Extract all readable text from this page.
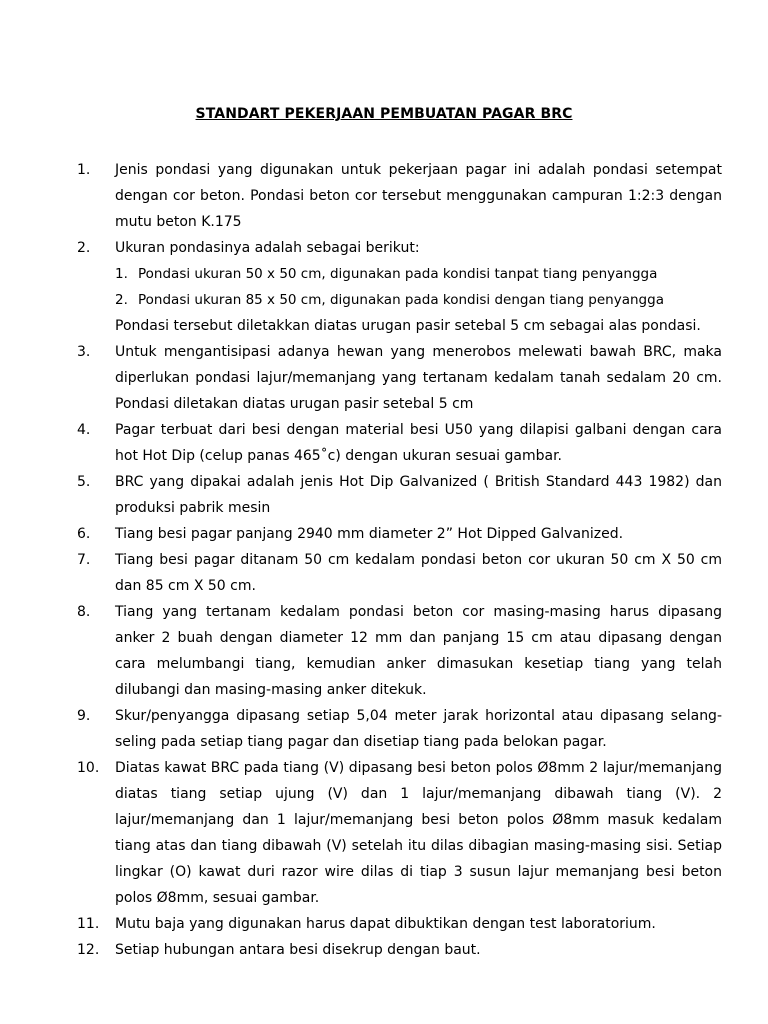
STANDART PEKERJAAN PEMBUATAN PAGAR BRC
1. Jenis pondasi yang digunakan untuk pekerjaan pagar ini adalah pondasi setempat dengan cor beton. Pondasi beton cor tersebut menggunakan campuran 1:2:3 dengan mutu beton K.175
2. Ukuran pondasinya adalah sebagai berikut:
1. Pondasi ukuran 50 x 50 cm, digunakan pada kondisi tanpat tiang penyangga
2. Pondasi ukuran 85 x 50 cm, digunakan pada kondisi dengan tiang penyangga
Pondasi tersebut diletakkan diatas urugan pasir setebal 5 cm sebagai alas pondasi.
3. Untuk mengantisipasi adanya hewan yang menerobos melewati bawah BRC, maka diperlukan pondasi lajur/memanjang yang tertanam kedalam tanah sedalam 20 cm. Pondasi diletakan diatas urugan pasir setebal 5 cm
4. Pagar terbuat dari besi dengan material besi U50 yang dilapisi galbani dengan cara hot Hot Dip (celup panas 465˚c) dengan ukuran sesuai gambar.
5. BRC yang dipakai adalah jenis Hot Dip Galvanized ( British Standard 443 1982) dan produksi pabrik mesin
6. Tiang besi pagar panjang 2940 mm diameter 2” Hot Dipped Galvanized.
7. Tiang besi pagar ditanam 50 cm kedalam pondasi beton cor ukuran 50 cm X 50 cm dan 85 cm X 50 cm.
8. Tiang yang tertanam kedalam pondasi beton cor masing-masing harus dipasang anker 2 buah dengan diameter 12 mm dan panjang 15 cm atau dipasang dengan cara melumbangi tiang, kemudian anker dimasukan kesetiap tiang yang telah dilubangi dan masing-masing anker ditekuk.
9. Skur/penyangga dipasang setiap 5,04 meter jarak horizontal atau dipasang selang-seling pada setiap tiang pagar dan disetiap tiang pada belokan pagar.
10. Diatas kawat BRC pada tiang (V) dipasang besi beton polos Ø8mm 2 lajur/memanjang diatas tiang setiap ujung (V) dan 1 lajur/memanjang dibawah tiang (V). 2 lajur/memanjang dan 1 lajur/memanjang besi beton polos Ø8mm masuk kedalam tiang atas dan tiang dibawah (V) setelah itu dilas dibagian masing-masing sisi. Setiap lingkar (O) kawat duri razor wire dilas di tiap 3 susun lajur memanjang besi beton polos Ø8mm, sesuai gambar.
11. Mutu baja yang digunakan harus dapat dibuktikan dengan test laboratorium.
12. Setiap hubungan antara besi disekrup dengan baut.
